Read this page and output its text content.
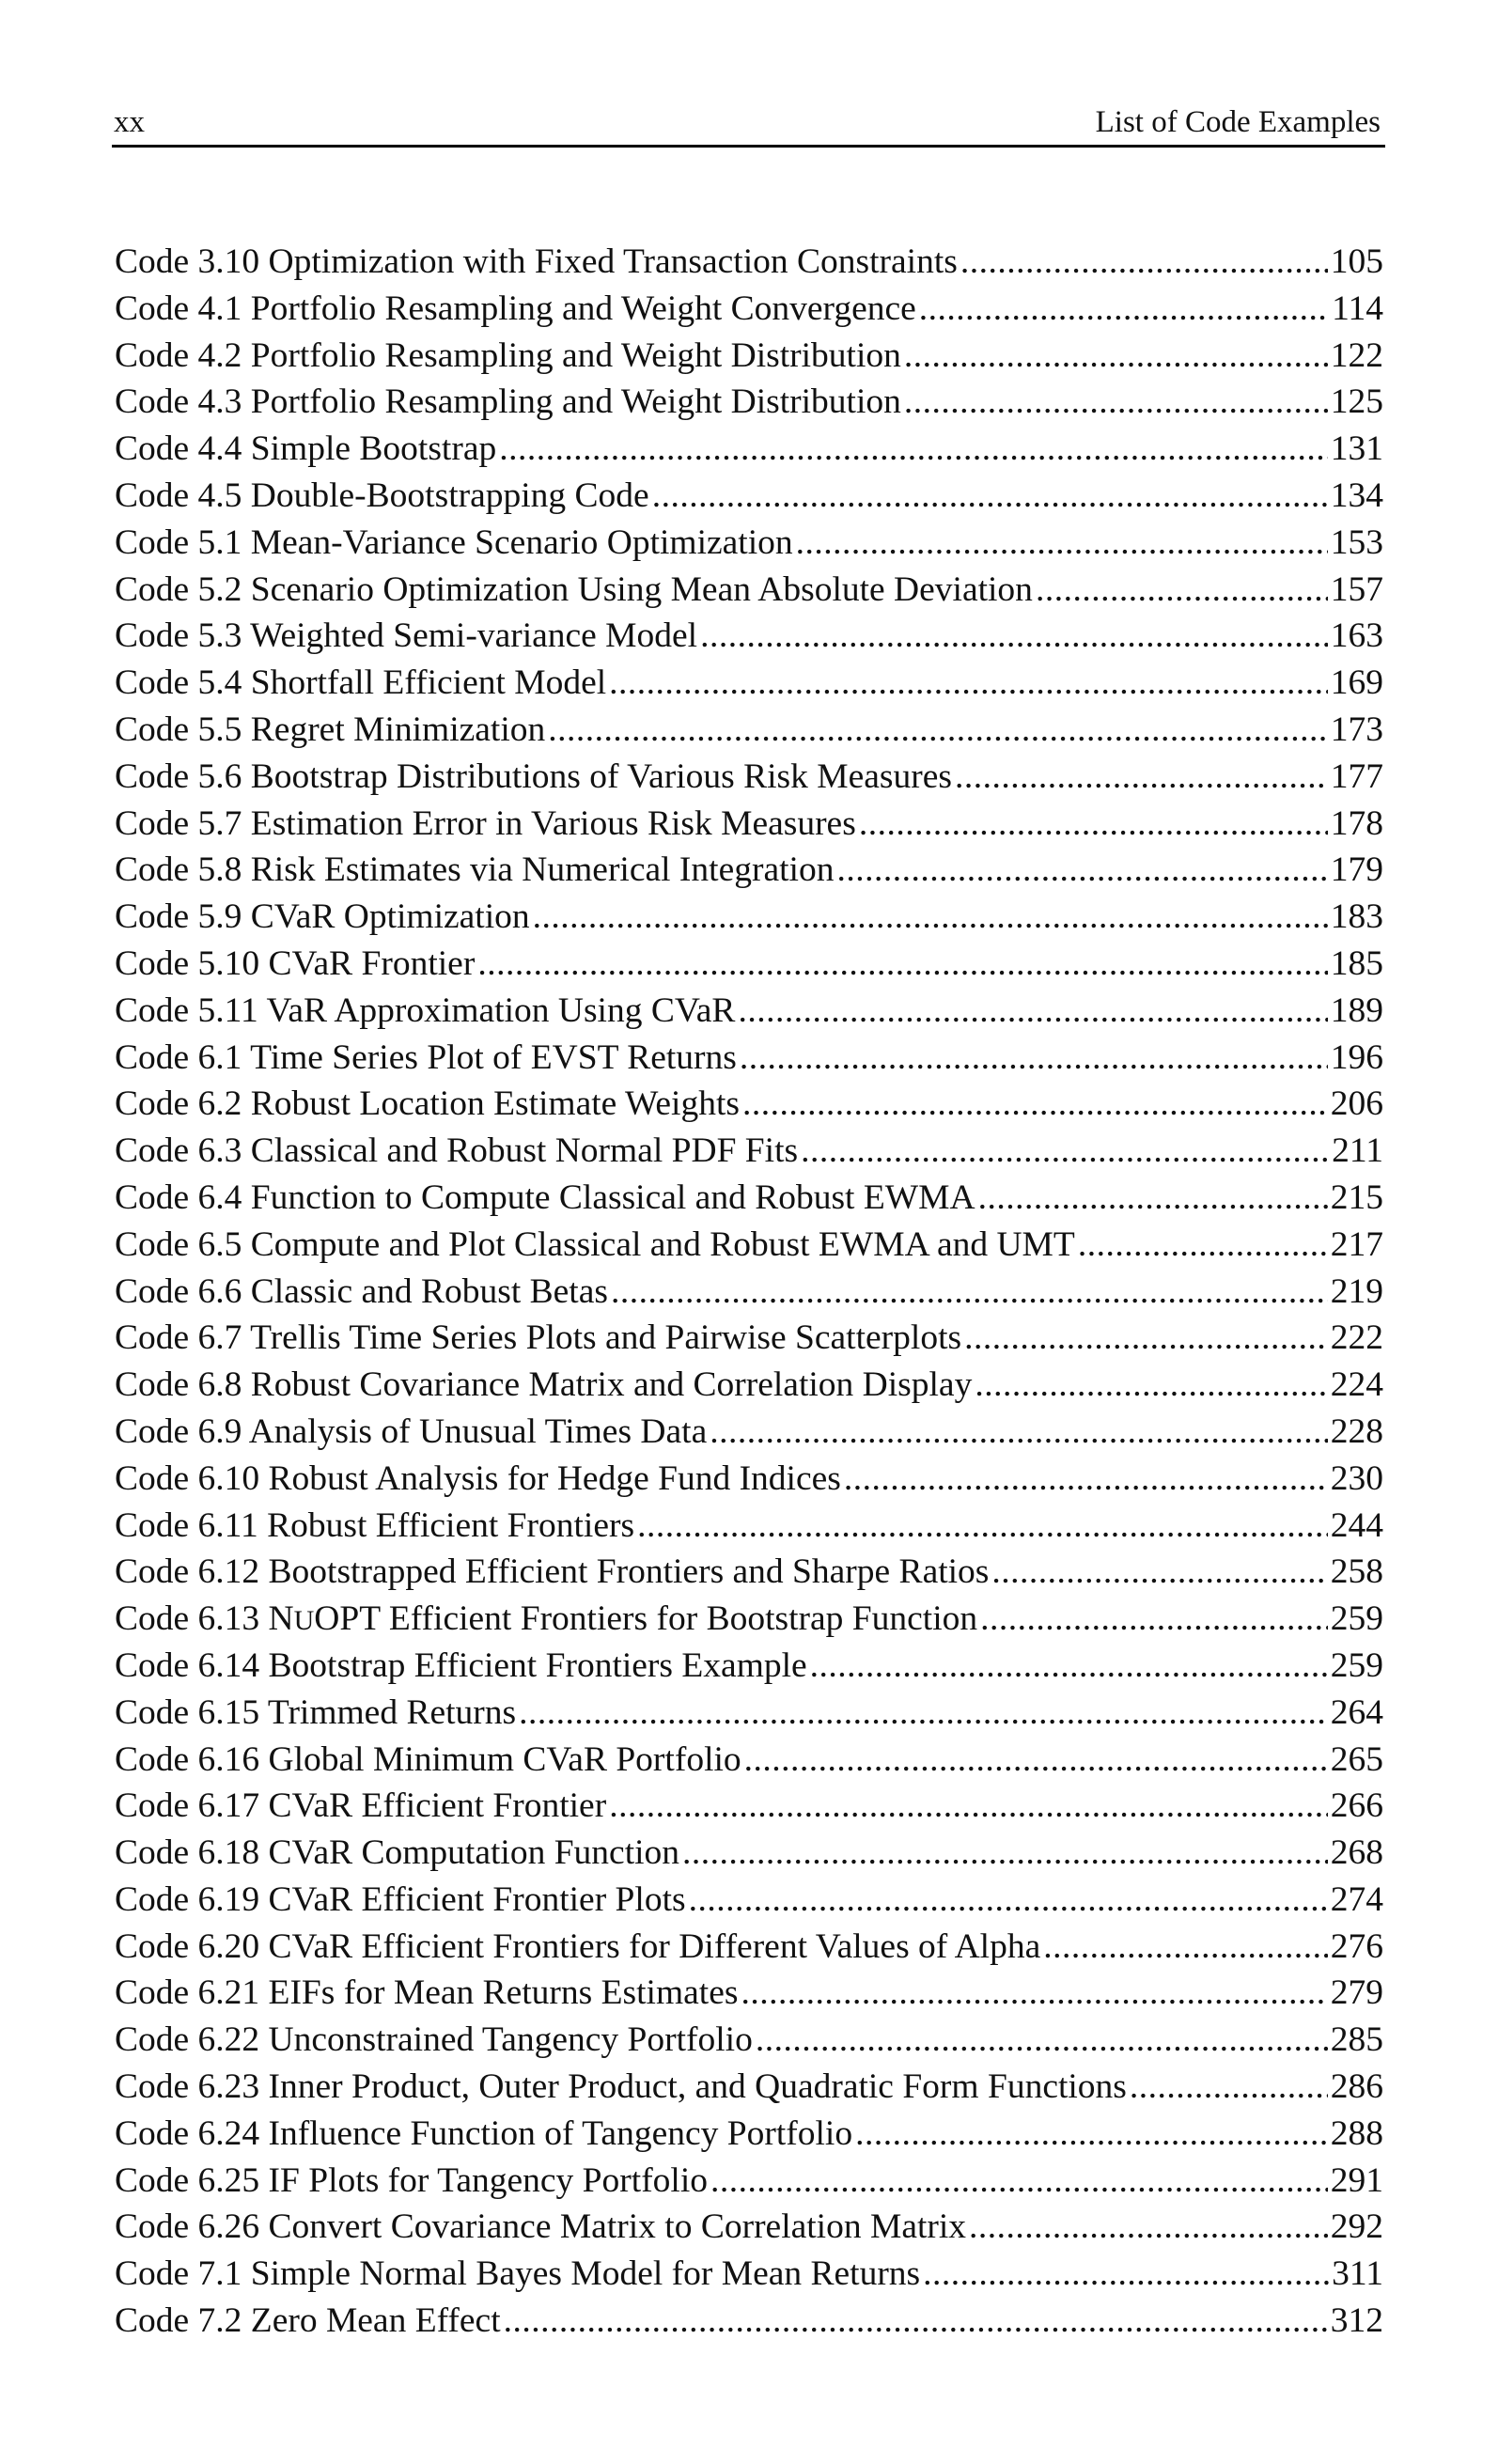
xx	List of Code Examples
Code 3.10 Optimization with Fixed Transaction Constraints .....	105
Code 4.1 Portfolio Resampling and Weight Convergence .....	114
Code 4.2 Portfolio Resampling and Weight Distribution .....	122
Code 4.3 Portfolio Resampling and Weight Distribution .....	125
Code 4.4 Simple Bootstrap .....	131
Code 4.5 Double-Bootstrapping Code .....	134
Code 5.1 Mean-Variance Scenario Optimization .....	153
Code 5.2 Scenario Optimization Using Mean Absolute Deviation .....	157
Code 5.3 Weighted Semi-variance Model .....	163
Code 5.4 Shortfall Efficient Model .....	169
Code 5.5 Regret Minimization .....	173
Code 5.6 Bootstrap Distributions of Various Risk Measures .....	177
Code 5.7 Estimation Error in Various Risk Measures .....	178
Code 5.8 Risk Estimates via Numerical Integration .....	179
Code 5.9 CVaR Optimization .....	183
Code 5.10 CVaR Frontier .....	185
Code 5.11 VaR Approximation Using CVaR .....	189
Code 6.1 Time Series Plot of EVST Returns .....	196
Code 6.2 Robust Location Estimate Weights .....	206
Code 6.3 Classical and Robust Normal PDF Fits .....	211
Code 6.4 Function to Compute Classical and Robust EWMA .....	215
Code 6.5 Compute and Plot Classical and Robust EWMA and UMT .....	217
Code 6.6 Classic and Robust Betas .....	219
Code 6.7 Trellis Time Series Plots and Pairwise Scatterplots .....	222
Code 6.8 Robust Covariance Matrix and Correlation Display .....	224
Code 6.9 Analysis of Unusual Times Data .....	228
Code 6.10 Robust Analysis for Hedge Fund Indices .....	230
Code 6.11 Robust Efficient Frontiers .....	244
Code 6.12 Bootstrapped Efficient Frontiers and Sharpe Ratios .....	258
Code 6.13 NUOPT Efficient Frontiers for Bootstrap Function .....	259
Code 6.14 Bootstrap Efficient Frontiers Example .....	259
Code 6.15 Trimmed Returns .....	264
Code 6.16 Global Minimum CVaR Portfolio .....	265
Code 6.17 CVaR Efficient Frontier .....	266
Code 6.18 CVaR Computation Function .....	268
Code 6.19 CVaR Efficient Frontier Plots .....	274
Code 6.20 CVaR Efficient Frontiers for Different Values of Alpha .....	276
Code 6.21 EIFs for Mean Returns Estimates .....	279
Code 6.22 Unconstrained Tangency Portfolio .....	285
Code 6.23 Inner Product, Outer Product, and Quadratic Form Functions .....	286
Code 6.24 Influence Function of Tangency Portfolio .....	288
Code 6.25 IF Plots for Tangency Portfolio .....	291
Code 6.26 Convert Covariance Matrix to Correlation Matrix .....	292
Code 7.1 Simple Normal Bayes Model for Mean Returns .....	311
Code 7.2 Zero Mean Effect .....	312
